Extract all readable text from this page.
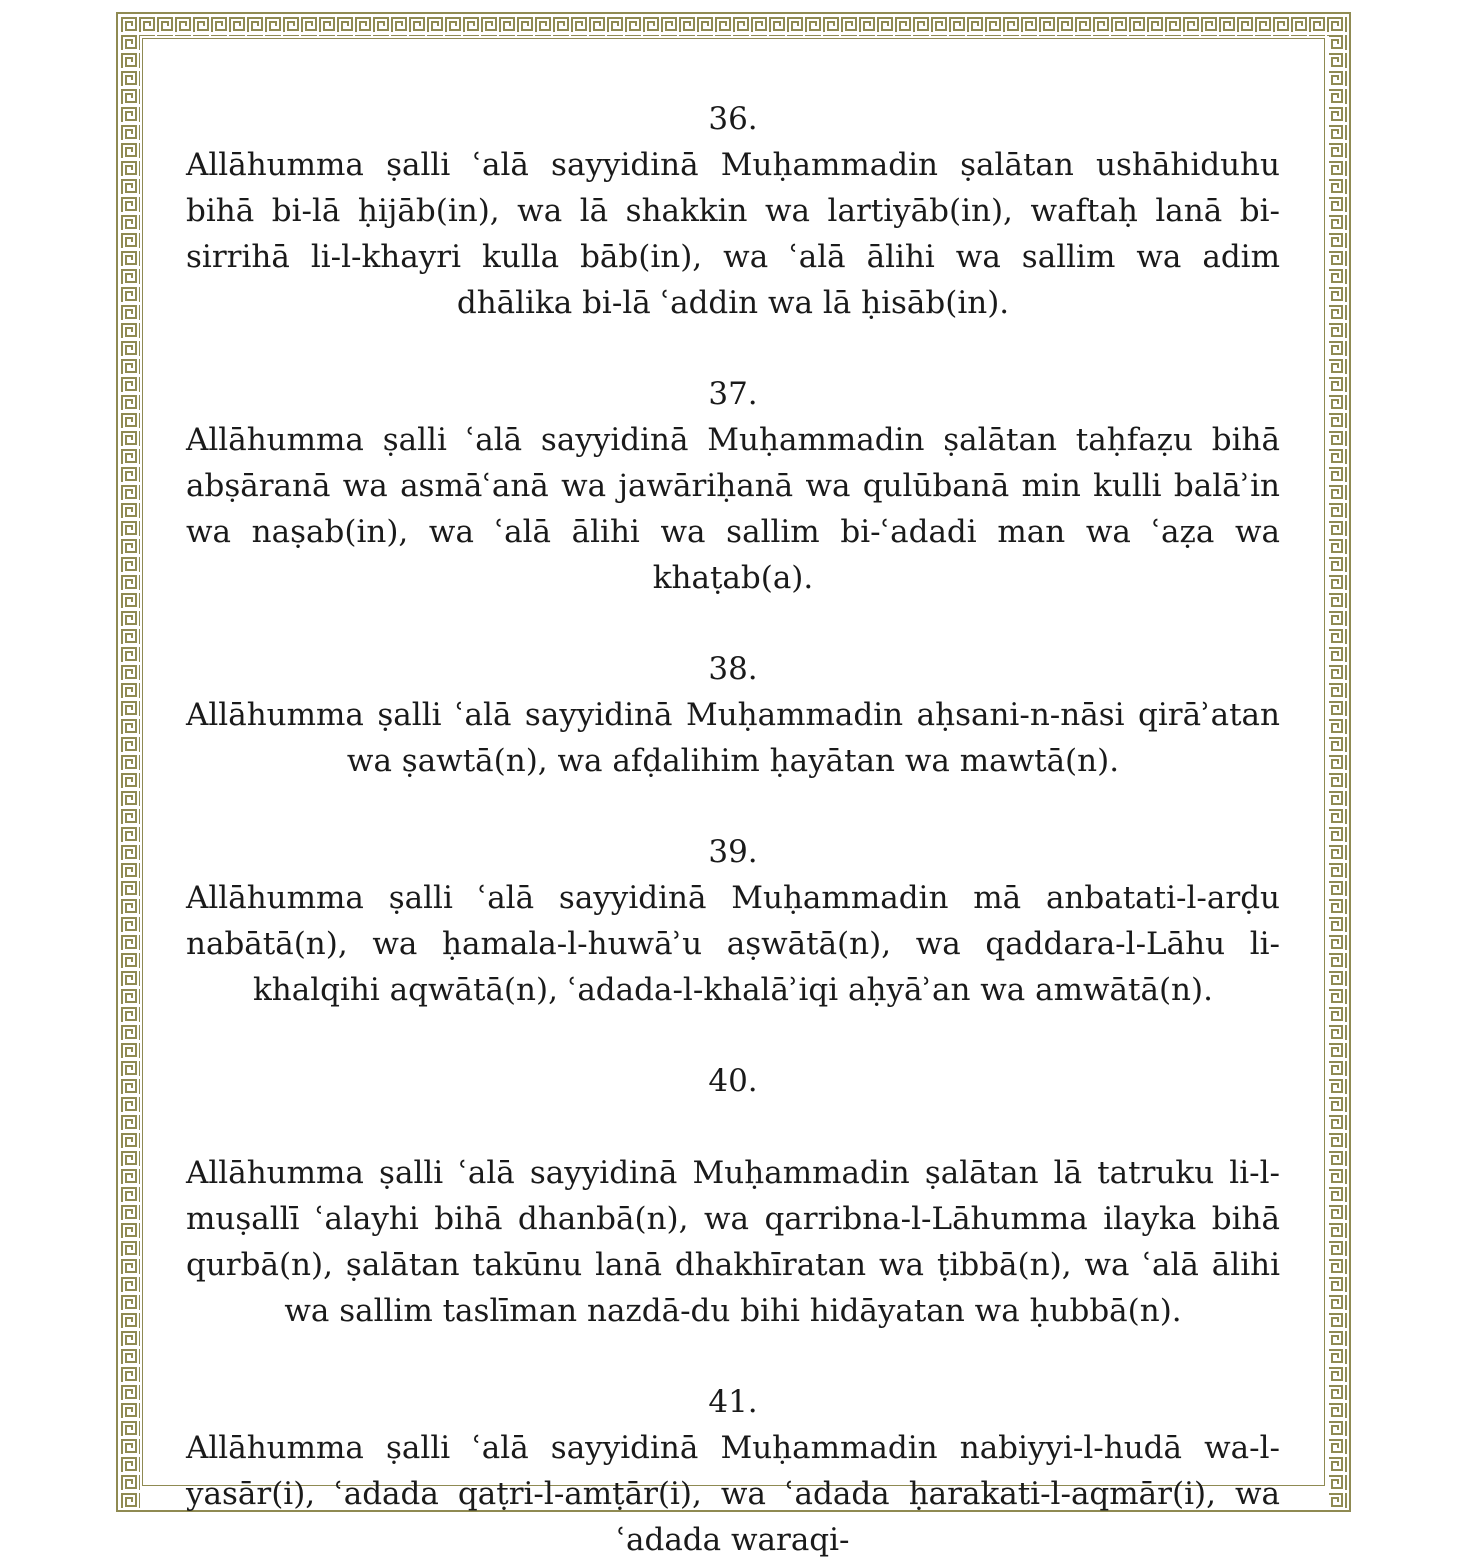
36.

Allāhumma ṣalli ʿalā sayyidinā Muḥammadin ṣalātan ushāhiduhu bihā bi-lā ḥijāb(in), wa lā shakkin wa lartiyāb(in), waftaḥ lanā bi-sirrihā li-l-khayri kulla bāb(in), wa ʿalā ālihi wa sallim wa adim dhālika bi-lā ʿaddin wa lā ḥisāb(in).

37.

Allāhumma ṣalli ʿalā sayyidinā Muḥammadin ṣalātan taḥfaẓu bihā abṣāranā wa asmāʿanā wa jawāriḥanā wa qulūbanā min kulli balāʾin wa naṣab(in), wa ʿalā ālihi wa sallim bi-ʿadadi man wa ʿaẓa wa khaṭab(a).

38.

Allāhumma ṣalli ʿalā sayyidinā Muḥammadin aḥsani-n-nāsi qirāʾatan wa ṣawtā(n), wa afḍalihim ḥayātan wa mawtā(n).

39.

Allāhumma ṣalli ʿalā sayyidinā Muḥammadin mā anbatati-l-arḍu nabātā(n), wa ḥamala-l-huwāʾu aṣwātā(n), wa qaddara-l-Lāhu li-khalqihi aqwātā(n), ʿadada-l-khalāʾiqi aḥyāʾan wa amwātā(n).

40.

Allāhumma ṣalli ʿalā sayyidinā Muḥammadin ṣalātan lā tatruku li-l-muṣallī ʿalayhi bihā dhanbā(n), wa qarribna-l-Lāhumma ilayka bihā qurbā(n), ṣalātan takūnu lanā dhakhīratan wa ṭibbā(n), wa ʿalā ālihi wa sallim taslīman nazdā-du bihi hidāyatan wa ḥubbā(n).

41.

Allāhumma ṣalli ʿalā sayyidinā Muḥammadin nabiyyi-l-hudā wa-l-yasār(i), ʿadada qaṭri-l-amṭār(i), wa ʿadada ḥarakati-l-aqmār(i), wa ʿadada waraqi-
